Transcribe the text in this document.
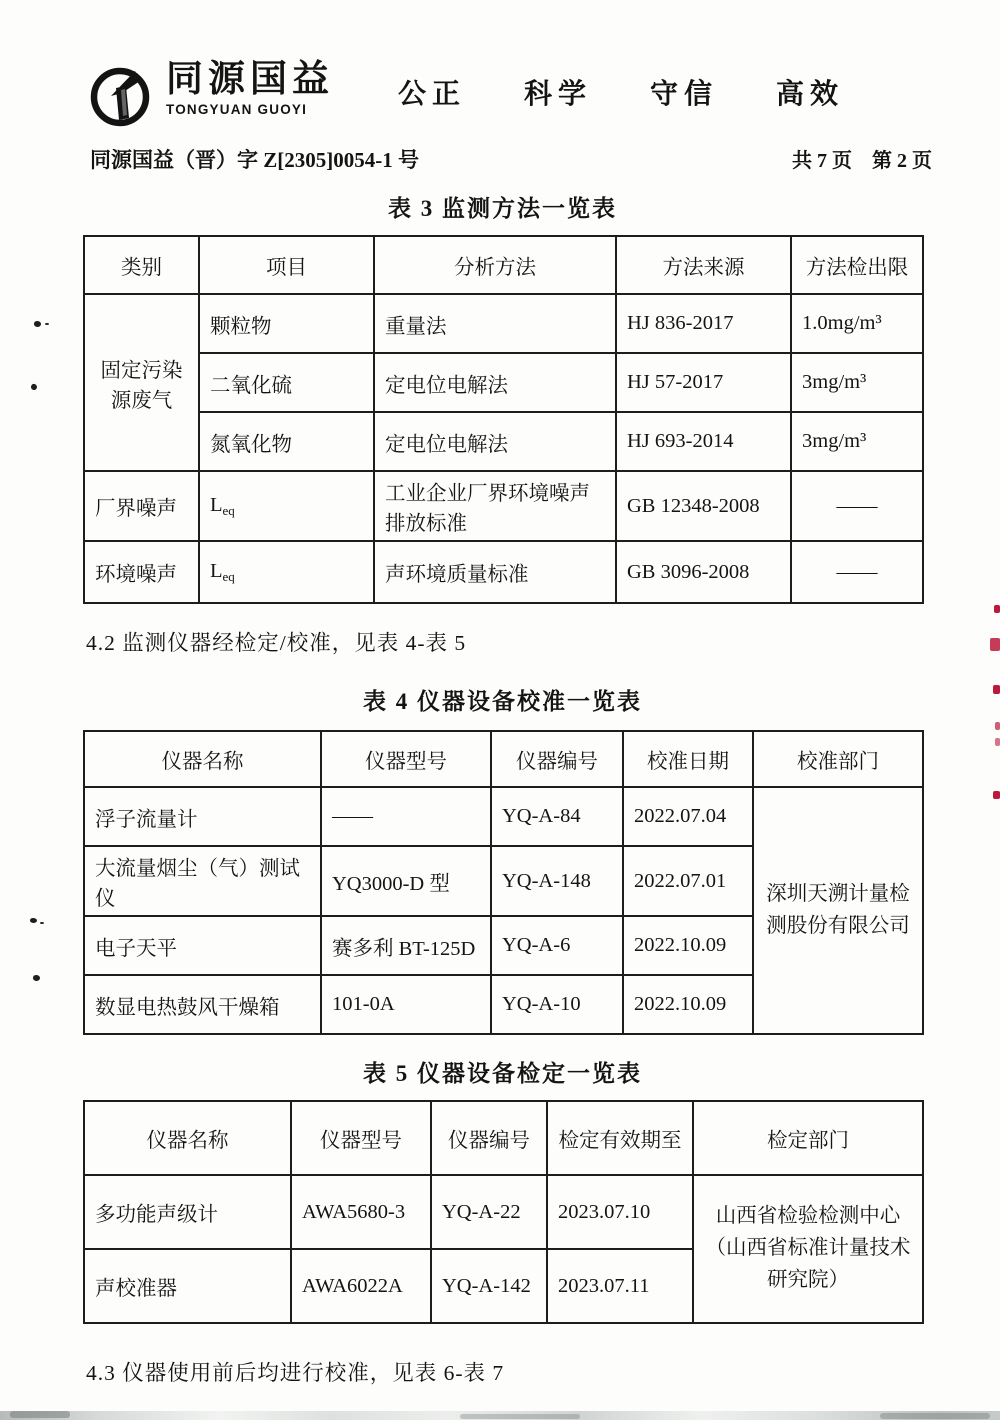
同源国益
TONGYUAN GUOYI	公正 科学 守信 高效
同源国益（晋）字 Z[2305]0054-1 号	共 7 页　第 2 页
表 3 监测方法一览表
类别	项目	分析方法	方法来源	方法检出限
固定污染源废气	颗粒物	重量法	HJ 836-2017	1.0mg/m³
	二氧化硫	定电位电解法	HJ 57-2017	3mg/m³
	氮氧化物	定电位电解法	HJ 693-2014	3mg/m³
厂界噪声	$L_{eq}$	工业企业厂界环境噪声排放标准	GB 12348-2008	——
环境噪声	$L_{eq}$	声环境质量标准	GB 3096-2008	——
4.2 监测仪器经检定/校准，见表 4-表 5
表 4 仪器设备校准一览表
仪器名称	仪器型号	仪器编号	校准日期	校准部门
浮子流量计	——	YQ-A-84	2022.07.04	深圳天溯计量检测股份有限公司
大流量烟尘（气）测试仪	YQ3000-D 型	YQ-A-148	2022.07.01	
电子天平	赛多利 BT-125D	YQ-A-6	2022.10.09	
数显电热鼓风干燥箱	101-0A	YQ-A-10	2022.10.09	
表 5 仪器设备检定一览表
仪器名称	仪器型号	仪器编号	检定有效期至	检定部门
多功能声级计	AWA5680-3	YQ-A-22	2023.07.10	山西省检验检测中心（山西省标准计量技术研究院）
声校准器	AWA6022A	YQ-A-142	2023.07.11	
4.3 仪器使用前后均进行校准，见表 6-表 7
